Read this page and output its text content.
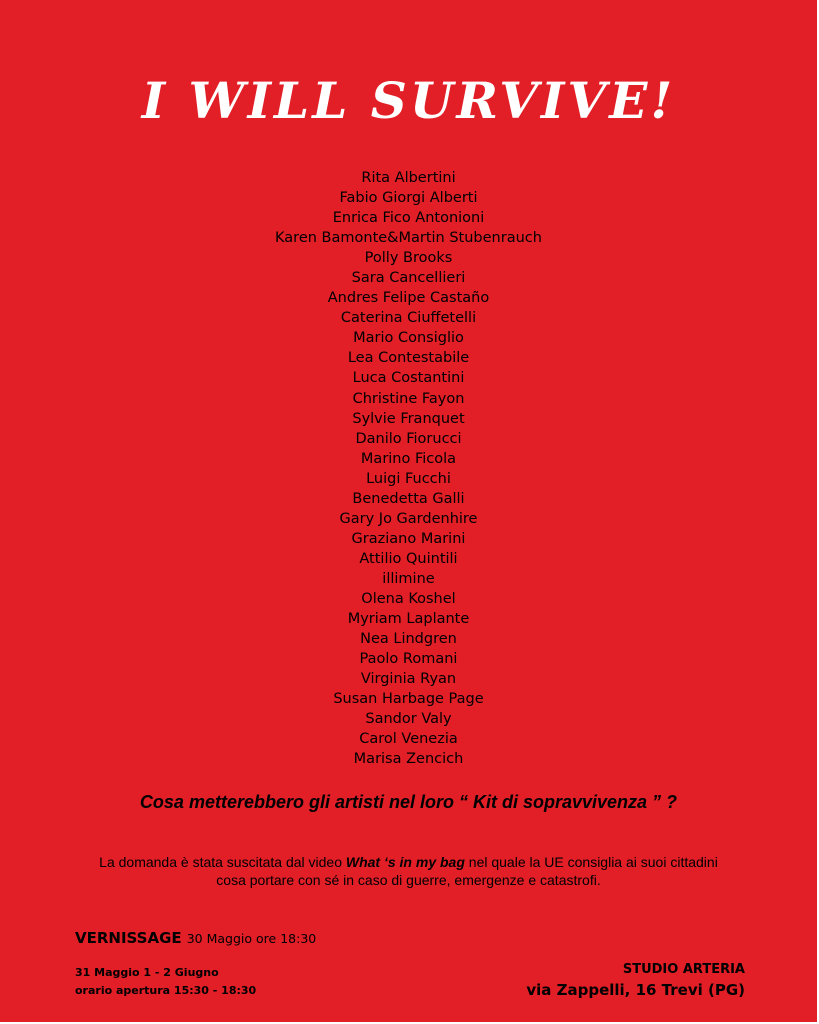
I WILL SURVIVE!
Rita Albertini
Fabio Giorgi Alberti
Enrica Fico Antonioni
Karen Bamonte&Martin Stubenrauch
Polly Brooks
Sara Cancellieri
Andres Felipe Castaño
Caterina Ciuffetelli
Mario Consiglio
Lea Contestabile
Luca Costantini
Christine Fayon
Sylvie Franquet
Danilo Fiorucci
Marino Ficola
Luigi Fucchi
Benedetta Galli
Gary Jo Gardenhire
Graziano Marini
Attilio Quintili
illimine
Olena Koshel
Myriam Laplante
Nea Lindgren
Paolo Romani
Virginia Ryan
Susan Harbage Page
Sandor Valy
Carol Venezia
Marisa Zencich

Cosa metterebbero gli artisti nel loro “ Kit di sopravvivenza ” ?

La domanda è stata suscitata dal video What ‘s in my bag nel quale la UE consiglia ai suoi cittadini
cosa portare con sé in caso di guerre, emergenze e catastrofi.

VERNISSAGE 30 Maggio ore 18:30

31 Maggio 1 - 2 Giugno
orario apertura 15:30 - 18:30
STUDIO ARTERIA
via Zappelli, 16 Trevi (PG)
